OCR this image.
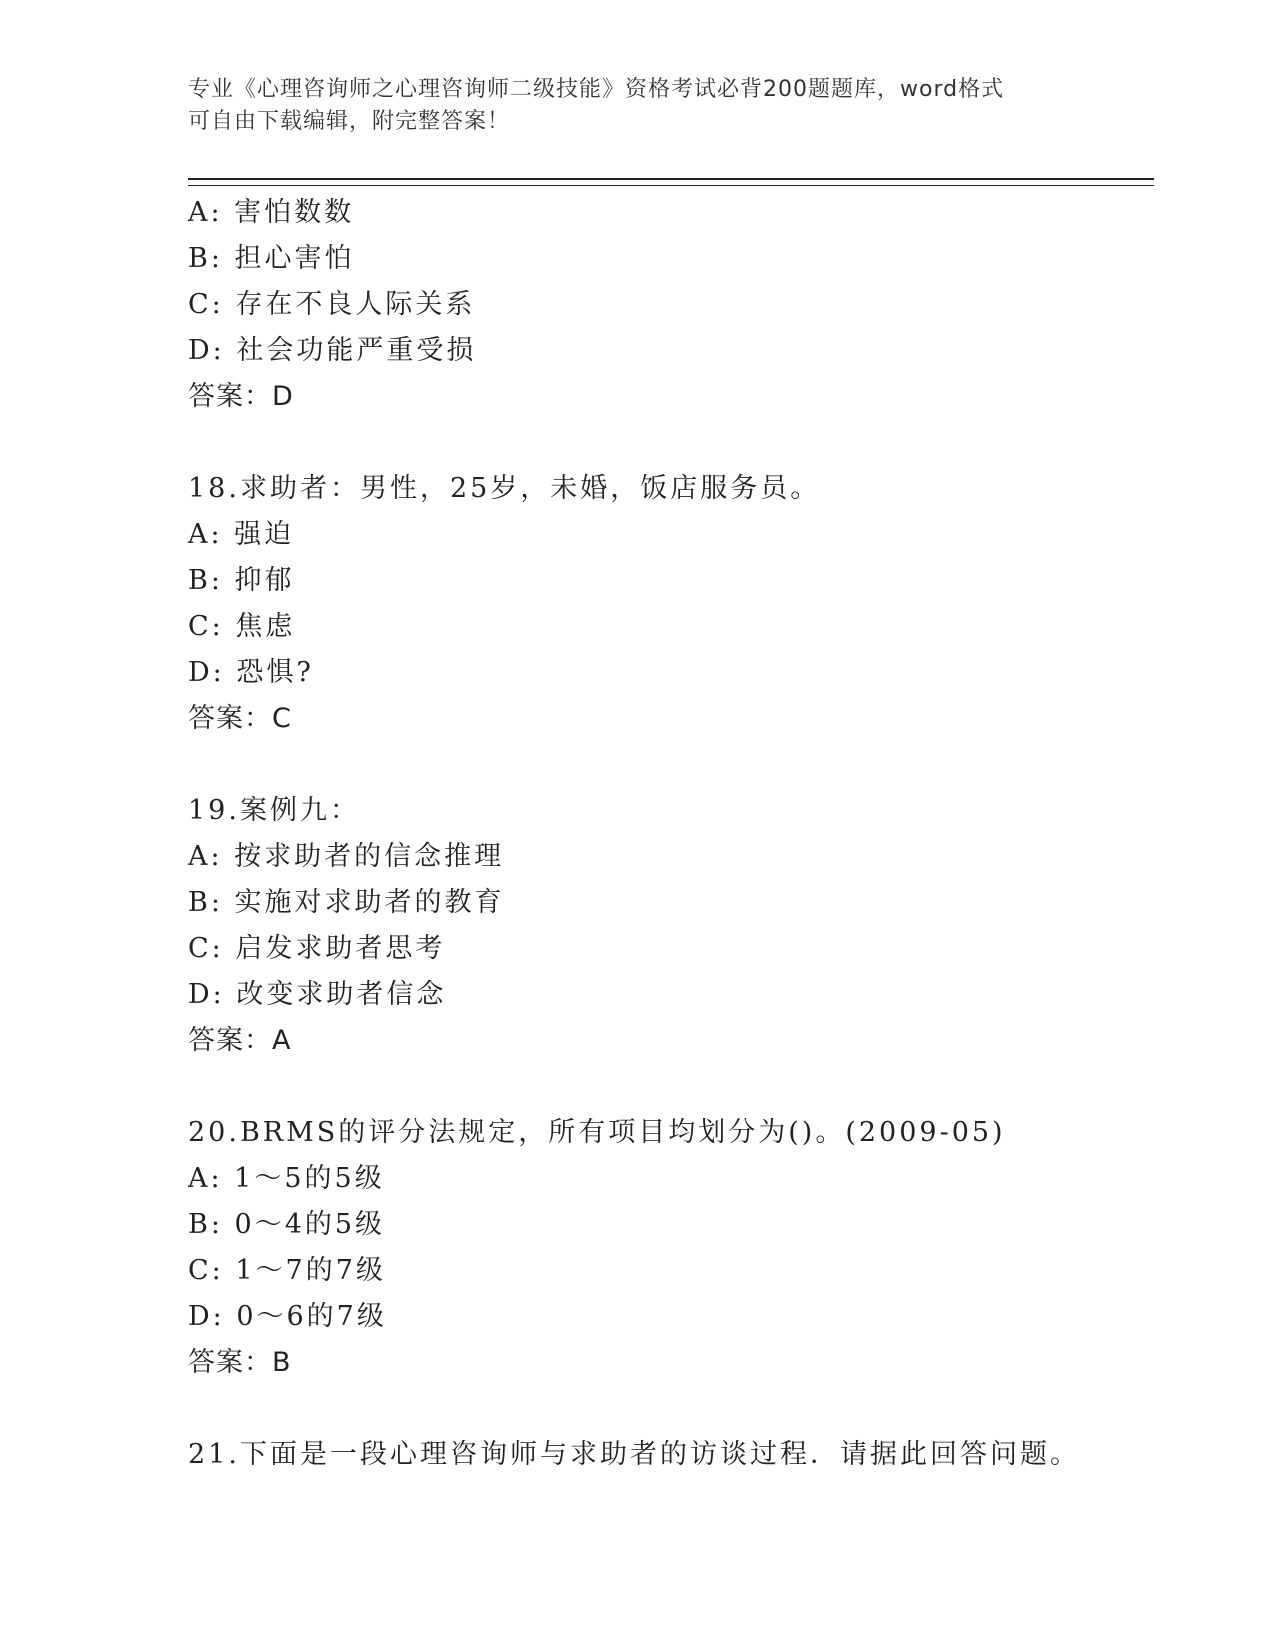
专业《心理咨询师之心理咨询师二级技能》资格考试必背200题题库，word格式
可自由下载编辑，附完整答案！
A: 害怕数数
B: 担心害怕
C: 存在不良人际关系
D: 社会功能严重受损
答案：D
18.求助者：男性，25岁，未婚，饭店服务员。
A: 强迫
B: 抑郁
C: 焦虑
D: 恐惧?
答案：C
19.案例九：
A: 按求助者的信念推理
B: 实施对求助者的教育
C: 启发求助者思考
D: 改变求助者信念
答案：A
20.BRMS的评分法规定，所有项目均划分为()。(2009-05)
A: 1～5的5级
B: 0～4的5级
C: 1～7的7级
D: 0～6的7级
答案：B
21.下面是一段心理咨询师与求助者的访谈过程．请据此回答问题。
